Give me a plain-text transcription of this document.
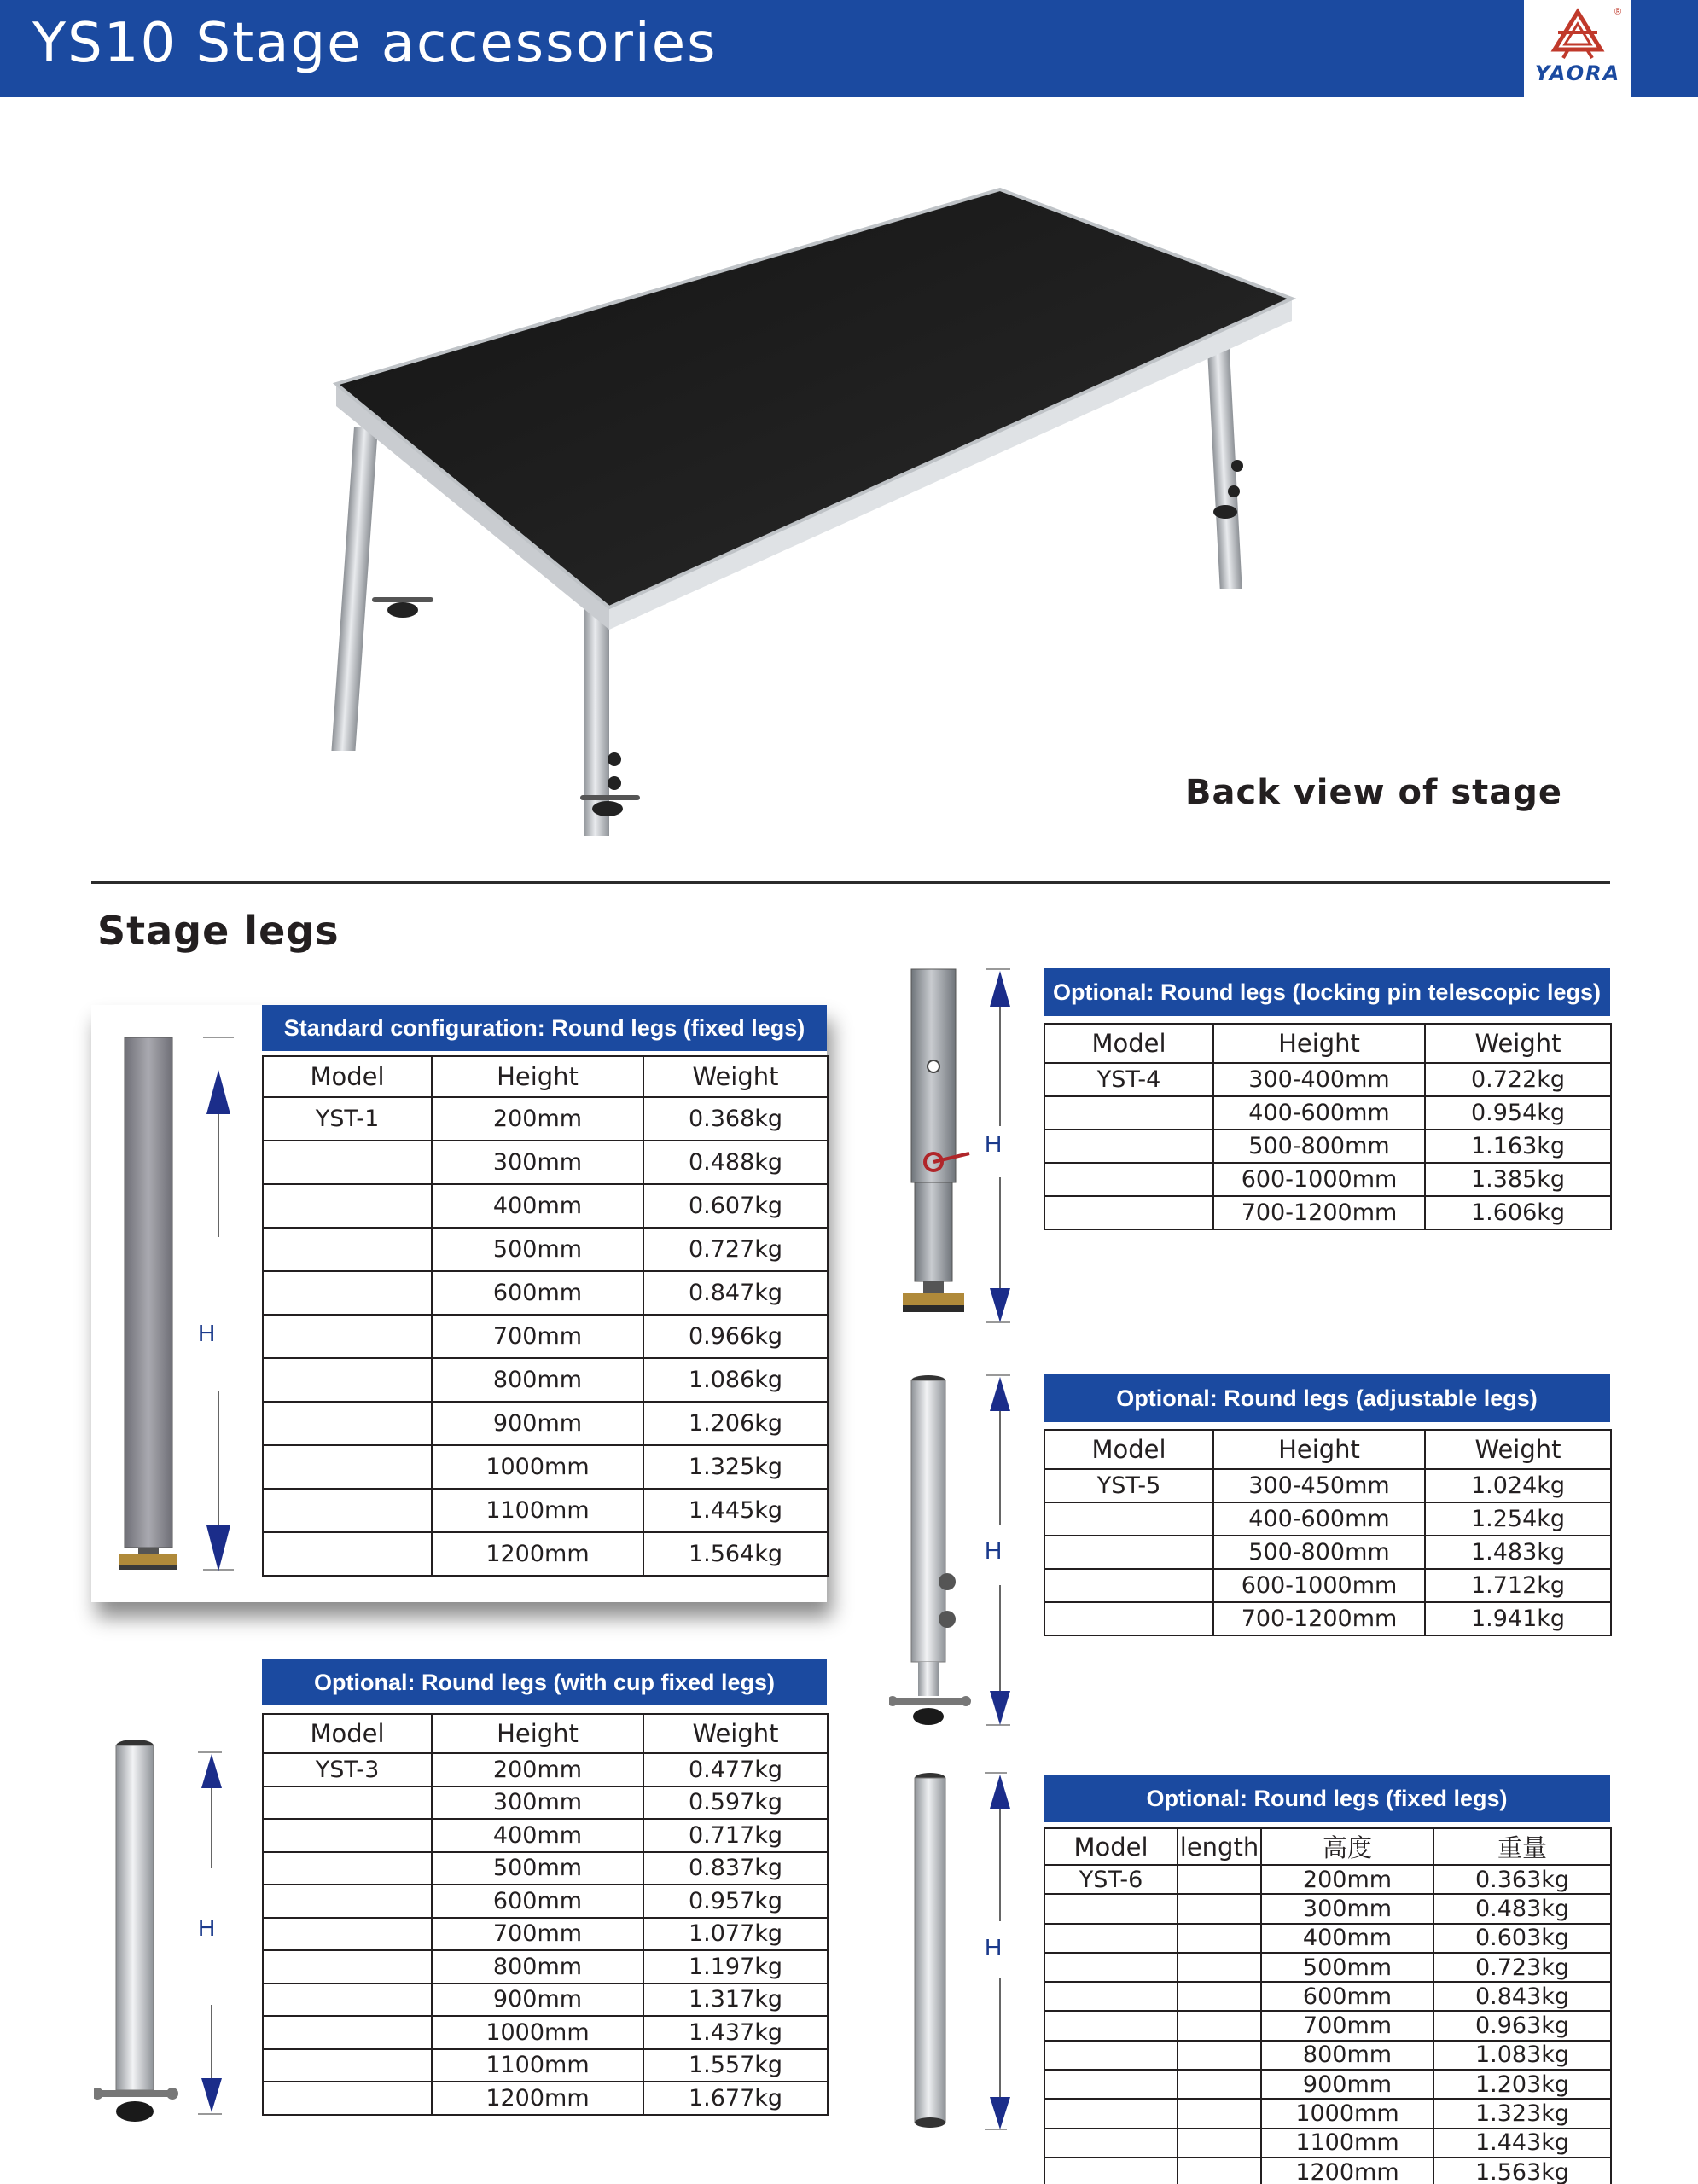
YS10 Stage accessories	®
YAORA
Back view of stage
Stage legs
H
Standard configuration: Round legs (fixed legs)
Model	Height	Weight
YST-1	200mm	0.368kg
	300mm	0.488kg
	400mm	0.607kg
	500mm	0.727kg
	600mm	0.847kg
	700mm	0.966kg
	800mm	1.086kg
	900mm	1.206kg
	1000mm	1.325kg
	1100mm	1.445kg
	1200mm	1.564kg
H
Optional: Round legs (with cup fixed legs)
Model	Height	Weight
YST-3	200mm	0.477kg
	300mm	0.597kg
	400mm	0.717kg
	500mm	0.837kg
	600mm	0.957kg
	700mm	1.077kg
	800mm	1.197kg
	900mm	1.317kg
	1000mm	1.437kg
	1100mm	1.557kg
	1200mm	1.677kg
H
Optional: Round legs (locking pin telescopic legs)
Model	Height	Weight
YST-4	300-400mm	0.722kg
	400-600mm	0.954kg
	500-800mm	1.163kg
	600-1000mm	1.385kg
	700-1200mm	1.606kg
H
Optional: Round legs (adjustable legs)
Model	Height	Weight
YST-5	300-450mm	1.024kg
	400-600mm	1.254kg
	500-800mm	1.483kg
	600-1000mm	1.712kg
	700-1200mm	1.941kg
H
Optional: Round legs (fixed legs)
Model	length	高度	重量
YST-6		200mm	0.363kg
		300mm	0.483kg
		400mm	0.603kg
		500mm	0.723kg
		600mm	0.843kg
		700mm	0.963kg
		800mm	1.083kg
		900mm	1.203kg
		1000mm	1.323kg
		1100mm	1.443kg
		1200mm	1.563kg
